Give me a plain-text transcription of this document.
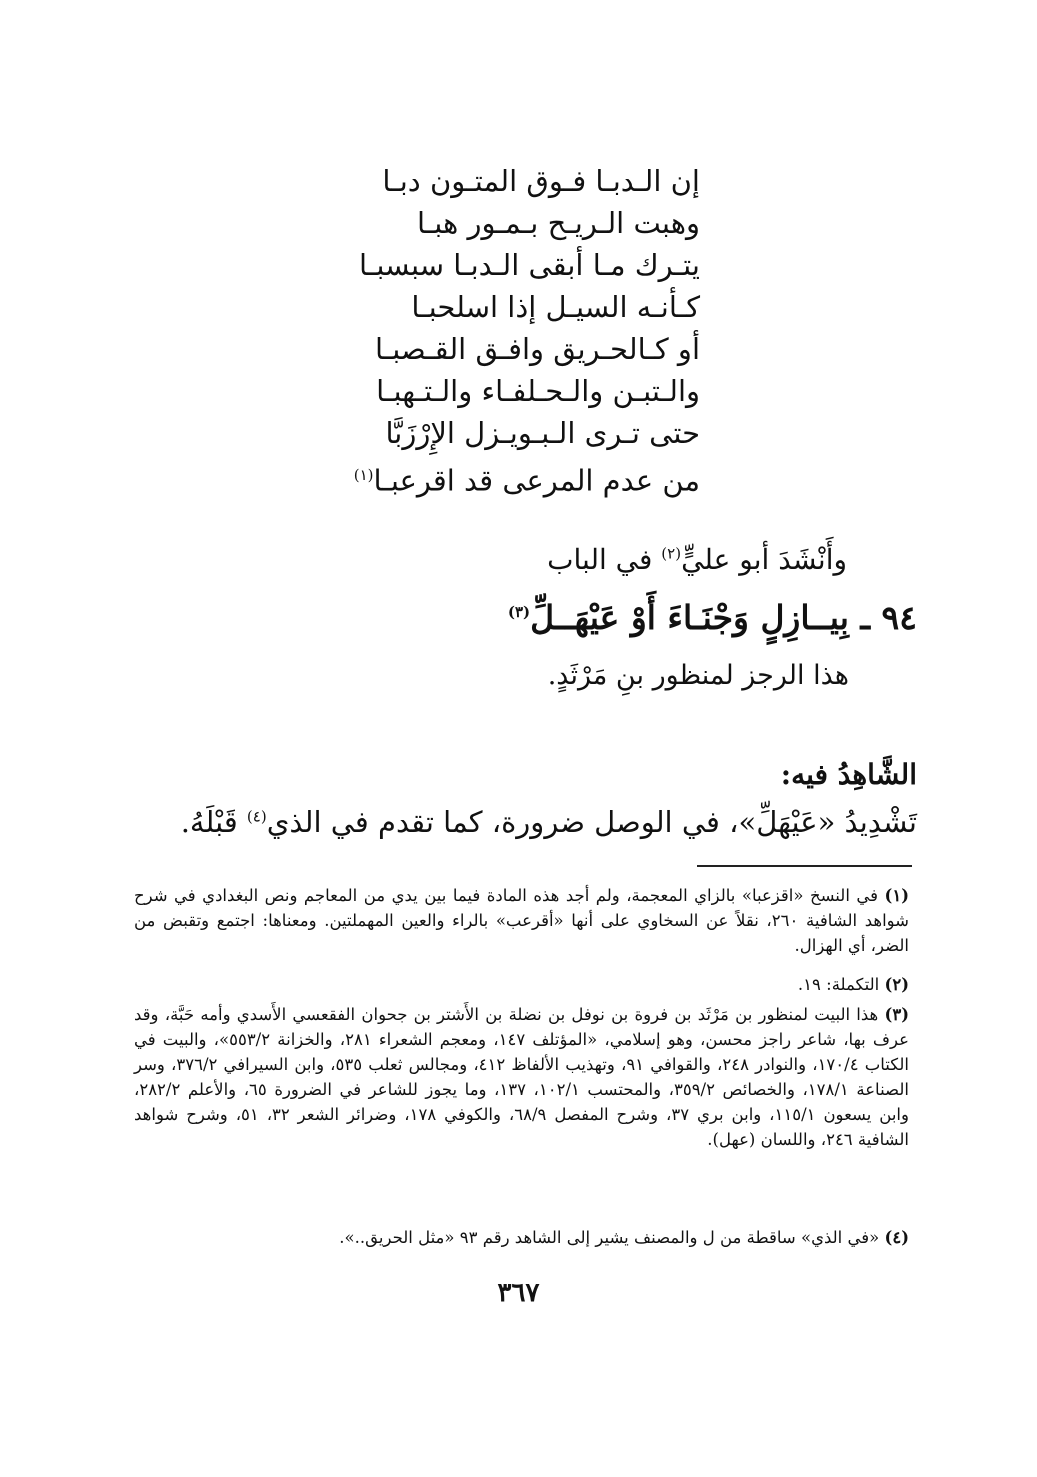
إن الـدبـا فـوق المتـون دبـا
وهبت الـريـح بـمـور هبـا
يتـرك مـا أبقى الـدبـا سبسبـا
كـأنـه السيـل إذا اسلحبـا
أو كـالحـريق وافـق القـصبـا
والـتبـن والـحـلفـاء والـتـهبـا
حتى تـرى الـبـويـزل الإِرْزَبَّا
من عدم المرعى قد اقرعبـا$^{(١)}$
وأَنْشَدَ أبو عليٍّ$^{(٢)}$ في الباب
٩٤ ـ بِيــازِلٍ وَجْنَـاءَ أَوْ عَيْهَــلِّ$^{(٣)}$
هذا الرجز لمنظور بنِ مَرْثَدٍ.
الشَّاهِدُ فيه:
تَشْدِيدُ «عَيْهَلِّ»، في الوصل ضرورة، كما تقدم في الذي$^{(٤)}$ قَبْلَهُ.
(١) في النسخ «اقزعبا» بالزاي المعجمة، ولم أجد هذه المادة فيما بين يدي من المعاجم ونص البغدادي في شرح شواهد الشافية ٢٦٠، نقلاً عن السخاوي على أنها «أقرعب» بالراء والعين المهملتين. ومعناها: اجتمع وتقبض من الضر، أي الهزال.
(٢) التكملة: ١٩.
(٣) هذا البيت لمنظور بن مَرْثَد بن فروة بن نوفل بن نضلة بن الأَشتر بن جحوان الفقعسي الأَسدي وأمه حَبَّة، وقد عرف بها، شاعر راجز محسن، وهو إسلامي، «المؤتلف ١٤٧، ومعجم الشعراء ٢٨١، والخزانة ٥٥٣/٢»، والبيت في الكتاب ١٧٠/٤، والنوادر ٢٤٨، والقوافي ٩١، وتهذيب الألفاظ ٤١٢، ومجالس ثعلب ٥٣٥، وابن السيرافي ٣٧٦/٢، وسر الصناعة ١٧٨/١، والخصائص ٣٥٩/٢، والمحتسب ١٠٢/١، ١٣٧، وما يجوز للشاعر في الضرورة ٦٥، والأعلم ٢٨٢/٢، وابن يسعون ١١٥/١، وابن بري ٣٧، وشرح المفصل ٦٨/٩، والكوفي ١٧٨، وضرائر الشعر ٣٢، ٥١، وشرح شواهد الشافية ٢٤٦، واللسان (عهل).
(٤) «في الذي» ساقطة من ل والمصنف يشير إلى الشاهد رقم ٩٣ «مثل الحريق..».
٣٦٧
